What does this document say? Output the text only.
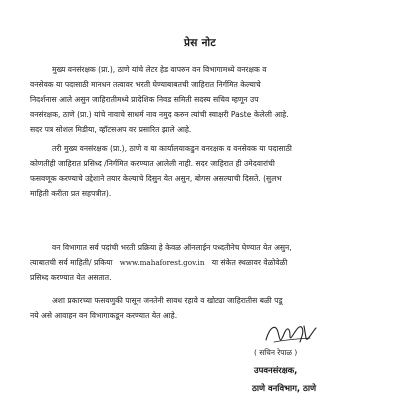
प्रेस नोट

मुख्य वनसंरक्षक (प्रा.), ठाणे यांचे लेटर हेड वापरुन वन विभागामध्ये वनरक्षक व
वनसेवक या पदासाठी मानधन तत्वावर भरती घेण्याबाबतची जाहिरात निर्गमित केल्याचे
निदर्शनास आले असुन जाहिरातीमध्ये प्रादेशिक निवड समिती सदस्य सचिव म्हणून उप
वनसंरक्षक, ठाणे (प्रा.) यांचे नावाचे साधर्म नाव नमुद करुन त्यांची स्वाक्षरी Paste केलेली आहे.
सदर पत्र सोशल मिडीया, व्हॉटसअप वर प्रसारित झाले आहे.

तरी मुख्य वनसंरक्षक (प्रा.), ठाणे व या कार्यालयाकडुन वनरक्षक व वनसेवक या पदासाठी
कोणतीही जाहिरात प्रसिध्द /निर्गमित करण्यात आलेली नाही. सदर जाहिरात ही उमेदवारांची
फसवणूक करण्याचे उद्देशाने तयार केल्याचे दिसुन येत असुन, बोगस असल्याची दिसते. (सुलभ
माहिती करीता प्रत सहपत्रीत).

वन विभागात सर्व पदांची भरती प्रक्रिया हे केवळ ऑनलाईन पध्दतीनेच घेण्यात येत असुन,
त्याबातची सर्व माहिती/ प्रकिया www.mahaforest.gov.in या संकेत स्थळावर वेळोवेळी
प्रसिध्द करण्यात येत असतात.

अशा प्रकारच्या फसवणुकी पासून जनतेनी सावध रहावे व खोट्या जाहिरातीस बळी पडू
नये असे आवाहन वन विभागाकडून करण्यात येत आहे.

( सचिन रेपाळ )
उपवनसंरक्षक,
ठाणे वनविभाग, ठाणे
